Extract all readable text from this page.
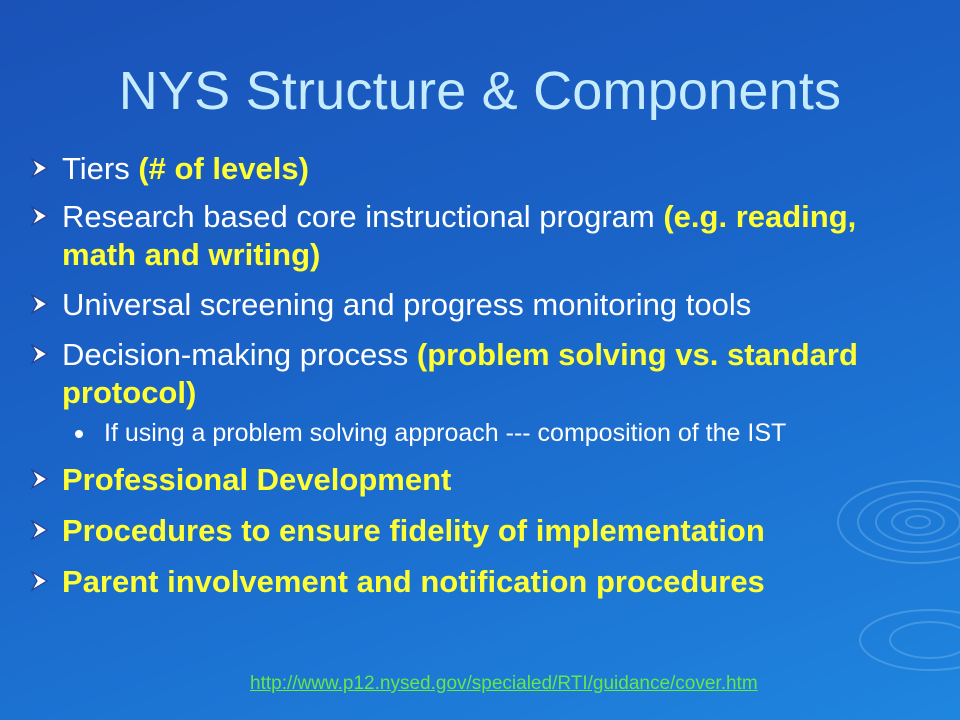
NYS Structure & Components
Tiers (# of levels)
Research based core instructional program (e.g. reading, math and writing)
Universal screening and progress monitoring tools
Decision-making process (problem solving vs. standard protocol)
If using a problem solving approach --- composition of the IST
Professional Development
Procedures to ensure fidelity of implementation
Parent involvement and notification procedures
http://www.p12.nysed.gov/specialed/RTI/guidance/cover.htm
